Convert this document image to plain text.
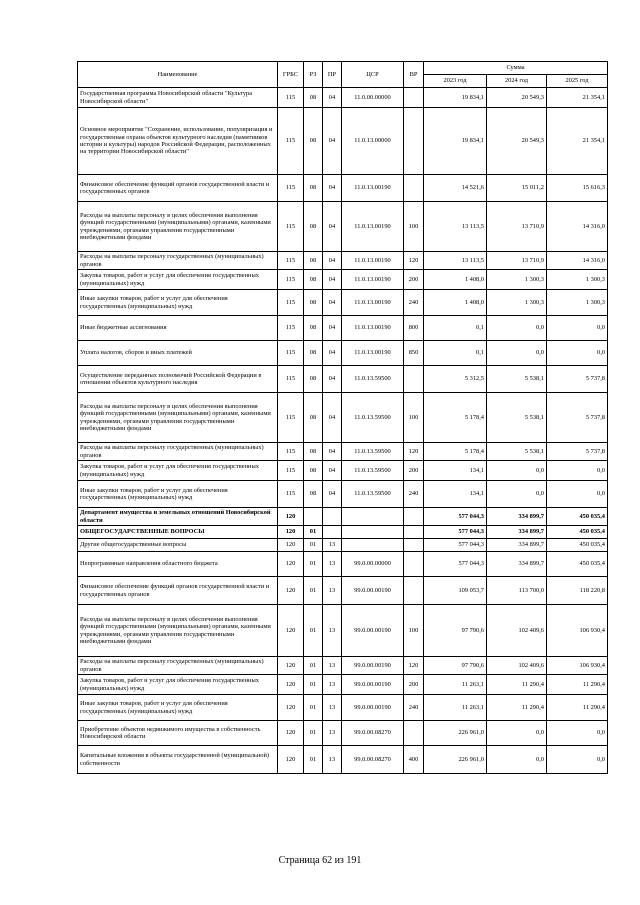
Наименование	ГРБС	РЗ	ПР	ЦСР	ВР	Сумма		
						2023 год	2024 год	2025 год
Государственная программа Новосибирской области "Культура Новосибирской области"	115	08	04	11.0.00.00000		19 834,1	20 549,3	21 354,1
Основное мероприятие "Сохранение, использование, популяризация и государственная охрана объектов культурного наследия (памятников истории и культуры) народов Российской Федерации, расположенных на территории Новосибирской области"	115	08	04	11.0.13.00000		19 834,1	20 549,3	21 354,1
Финансовое обеспечение функций органов государственной власти и государственных органов	115	08	04	11.0.13.00190		14 521,6	15 011,2	15 616,3
Расходы на выплаты персоналу в целях обеспечения выполнения функций государственными (муниципальными) органами, казенными учреждениями, органами управления государственными внебюджетными фондами	115	08	04	11.0.13.00190	100	13 113,5	13 710,9	14 316,0
Расходы на выплаты персоналу государственных (муниципальных) органов	115	08	04	11.0.13.00190	120	13 113,5	13 710,9	14 316,0
Закупка товаров, работ и услуг для обеспечения государственных (муниципальных) нужд	115	08	04	11.0.13.00190	200	1 408,0	1 300,3	1 300,3
Иные закупки товаров, работ и услуг для обеспечения государственных (муниципальных) нужд	115	08	04	11.0.13.00190	240	1 408,0	1 300,3	1 300,3
Иные бюджетные ассигнования	115	08	04	11.0.13.00190	800	0,1	0,0	0,0
Уплата налогов, сборов и иных платежей	115	08	04	11.0.13.00190	850	0,1	0,0	0,0
Осуществление переданных полномочий Российской Федерации в отношении объектов культурного наследия	115	08	04	11.0.13.59500		5 312,5	5 538,1	5 737,8
Расходы на выплаты персоналу в целях обеспечения выполнения функций государственными (муниципальными) органами, казенными учреждениями, органами управления государственными внебюджетными фондами	115	08	04	11.0.13.59500	100	5 178,4	5 538,1	5 737,8
Расходы на выплаты персоналу государственных (муниципальных) органов	115	08	04	11.0.13.59500	120	5 178,4	5 538,1	5 737,8
Закупка товаров, работ и услуг для обеспечения государственных (муниципальных) нужд	115	08	04	11.0.13.59500	200	134,1	0,0	0,0
Иные закупки товаров, работ и услуг для обеспечения государственных (муниципальных) нужд	115	08	04	11.0.13.59500	240	134,1	0,0	0,0
Департамент имущества и земельных отношений Новосибирской области	120					577 044,3	334 899,7	450 035,4
ОБЩЕГОСУДАРСТВЕННЫЕ ВОПРОСЫ	120	01				577 044,3	334 899,7	450 035,4
Другие общегосударственные вопросы	120	01	13			577 044,3	334 899,7	450 035,4
Непрограммные направления областного бюджета	120	01	13	99.0.00.00000		577 044,3	334 899,7	450 035,4
Финансовое обеспечение функций органов государственной власти и государственных органов	120	01	13	99.0.00.00190		109 053,7	113 700,0	118 220,8
Расходы на выплаты персоналу в целях обеспечения выполнения функций государственными (муниципальными) органами, казенными учреждениями, органами управления государственными внебюджетными фондами	120	01	13	99.0.00.00190	100	97 790,6	102 409,6	106 930,4
Расходы на выплаты персоналу государственных (муниципальных) органов	120	01	13	99.0.00.00190	120	97 790,6	102 409,6	106 930,4
Закупка товаров, работ и услуг для обеспечения государственных (муниципальных) нужд	120	01	13	99.0.00.00190	200	11 263,1	11 290,4	11 290,4
Иные закупки товаров, работ и услуг для обеспечения государственных (муниципальных) нужд	120	01	13	99.0.00.00190	240	11 263,1	11 290,4	11 290,4
Приобретение объектов недвижимого имущества в собственность Новосибирской области	120	01	13	99.0.00.08270		226 961,0	0,0	0,0
Капитальные вложения в объекты государственной (муниципальной) собственности	120	01	13	99.0.00.08270	400	226 961,0	0,0	0,0
Страница 62 из 191
